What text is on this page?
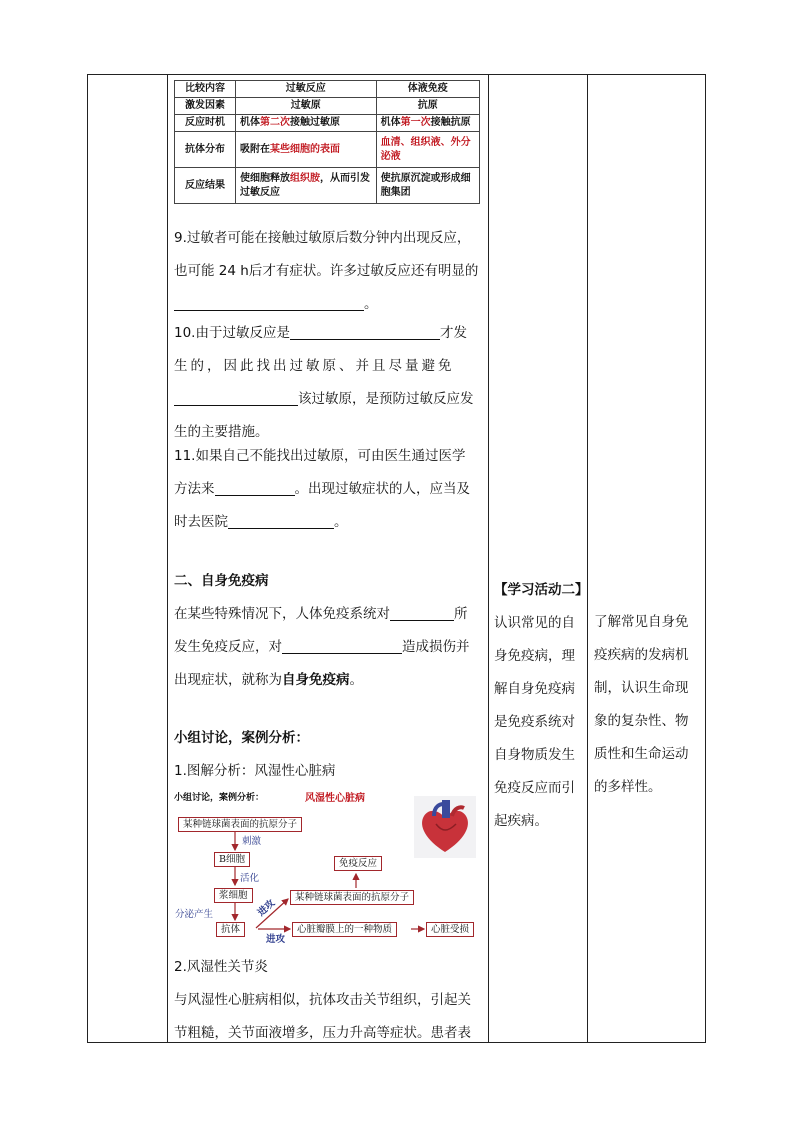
比较内容	过敏反应	体液免疫
激发因素	过敏原	抗原
反应时机	机体第二次接触过敏原	机体第一次接触抗原
抗体分布	吸附在某些细胞的表面	血清、组织液、外分泌液
反应结果	使细胞释放组织胺，从而引发过敏反应	使抗原沉淀或形成细胞集团

9.过敏者可能在接触过敏原后数分钟内出现反应，

也可能 24 h后才有症状。许多过敏反应还有明显的

。

10.由于过敏反应是	才发

生的，因此找出过敏原、并且尽量避免

该过敏原，是预防过敏反应发

生的主要措施。

11.如果自己不能找出过敏原，可由医生通过医学

方法来	。出现过敏症状的人，应当及

时去医院	。

二、自身免疫病

在某些特殊情况下，人体免疫系统对	所

发生免疫反应，对	造成损伤并

出现症状，就称为自身免疫病。

小组讨论，案例分析：

1.图解分析：风湿性心脏病

小组讨论，案例分析：	风湿性心脏病
某种链球菌表面的抗原分子
刺激
B细胞
活化
浆细胞
分泌产生
抗体
免疫反应
某种链球菌表面的抗原分子
心脏瓣膜上的一种物质	心脏受损
进攻
进攻

2.风湿性关节炎

与风湿性心脏病相似，抗体攻击关节组织，引起关

节粗糙，关节面液增多，压力升高等症状。患者表

【学习活动二】
认识常见的自
身免疫病，理
解自身免疫病
是免疫系统对
自身物质发生
免疫反应而引
起疾病。
了解常见自身免
疫疾病的发病机
制，认识生命现
象的复杂性、物
质性和生命运动
的多样性。
